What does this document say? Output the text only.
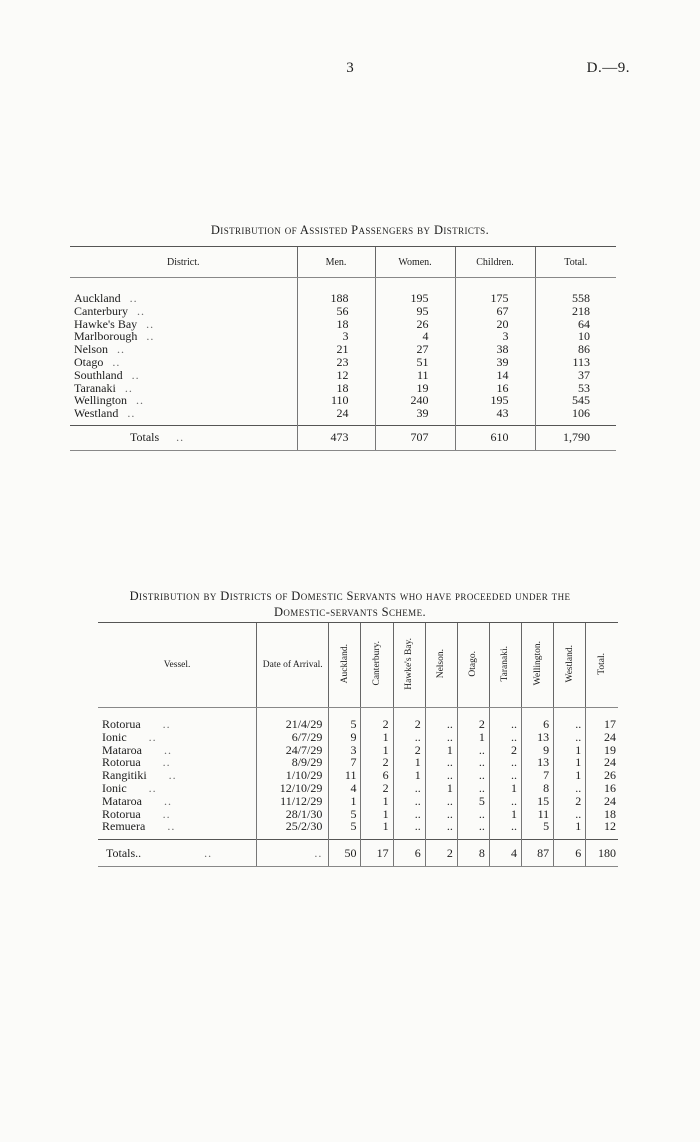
3	D.—9.
Distribution of Assisted Passengers by Districts.
District.	Men.	Women.	Children.	Total.
Auckland ..	188	195	175	558
Canterbury ..	56	95	67	218
Hawke's Bay ..	18	26	20	64
Marlborough ..	3	4	3	10
Nelson ..	21	27	38	86
Otago ..	23	51	39	113
Southland ..	12	11	14	37
Taranaki ..	18	19	16	53
Wellington ..	110	240	195	545
Westland ..	24	39	43	106
Totals ..	473	707	610	1,790
Distribution by Districts of Domestic Servants who have proceeded under the
Domestic-servants Scheme.
Vessel.	Date of Arrival.	Auckland.	Canterbury.	Hawke's Bay.	Nelson.	Otago.	Taranaki.	Wellington.	Westland.	Total.
Rotorua ..	21/4/29	5	2	2	..	2	..	6	..	17
Ionic ..	6/7/29	9	1	..	..	1	..	13	..	24
Mataroa ..	24/7/29	3	1	2	1	..	2	9	1	19
Rotorua ..	8/9/29	7	2	1	..	..	..	13	1	24
Rangitiki ..	1/10/29	11	6	1	..	..	..	7	1	26
Ionic ..	12/10/29	4	2	..	1	..	1	8	..	16
Mataroa ..	11/12/29	1	1	..	..	5	..	15	2	24
Rotorua ..	28/1/30	5	1	..	..	..	1	11	..	18
Remuera ..	25/2/30	5	1	..	..	..	..	5	1	12
Totals.. ..	..	50	17	6	2	8	4	87	6	180
